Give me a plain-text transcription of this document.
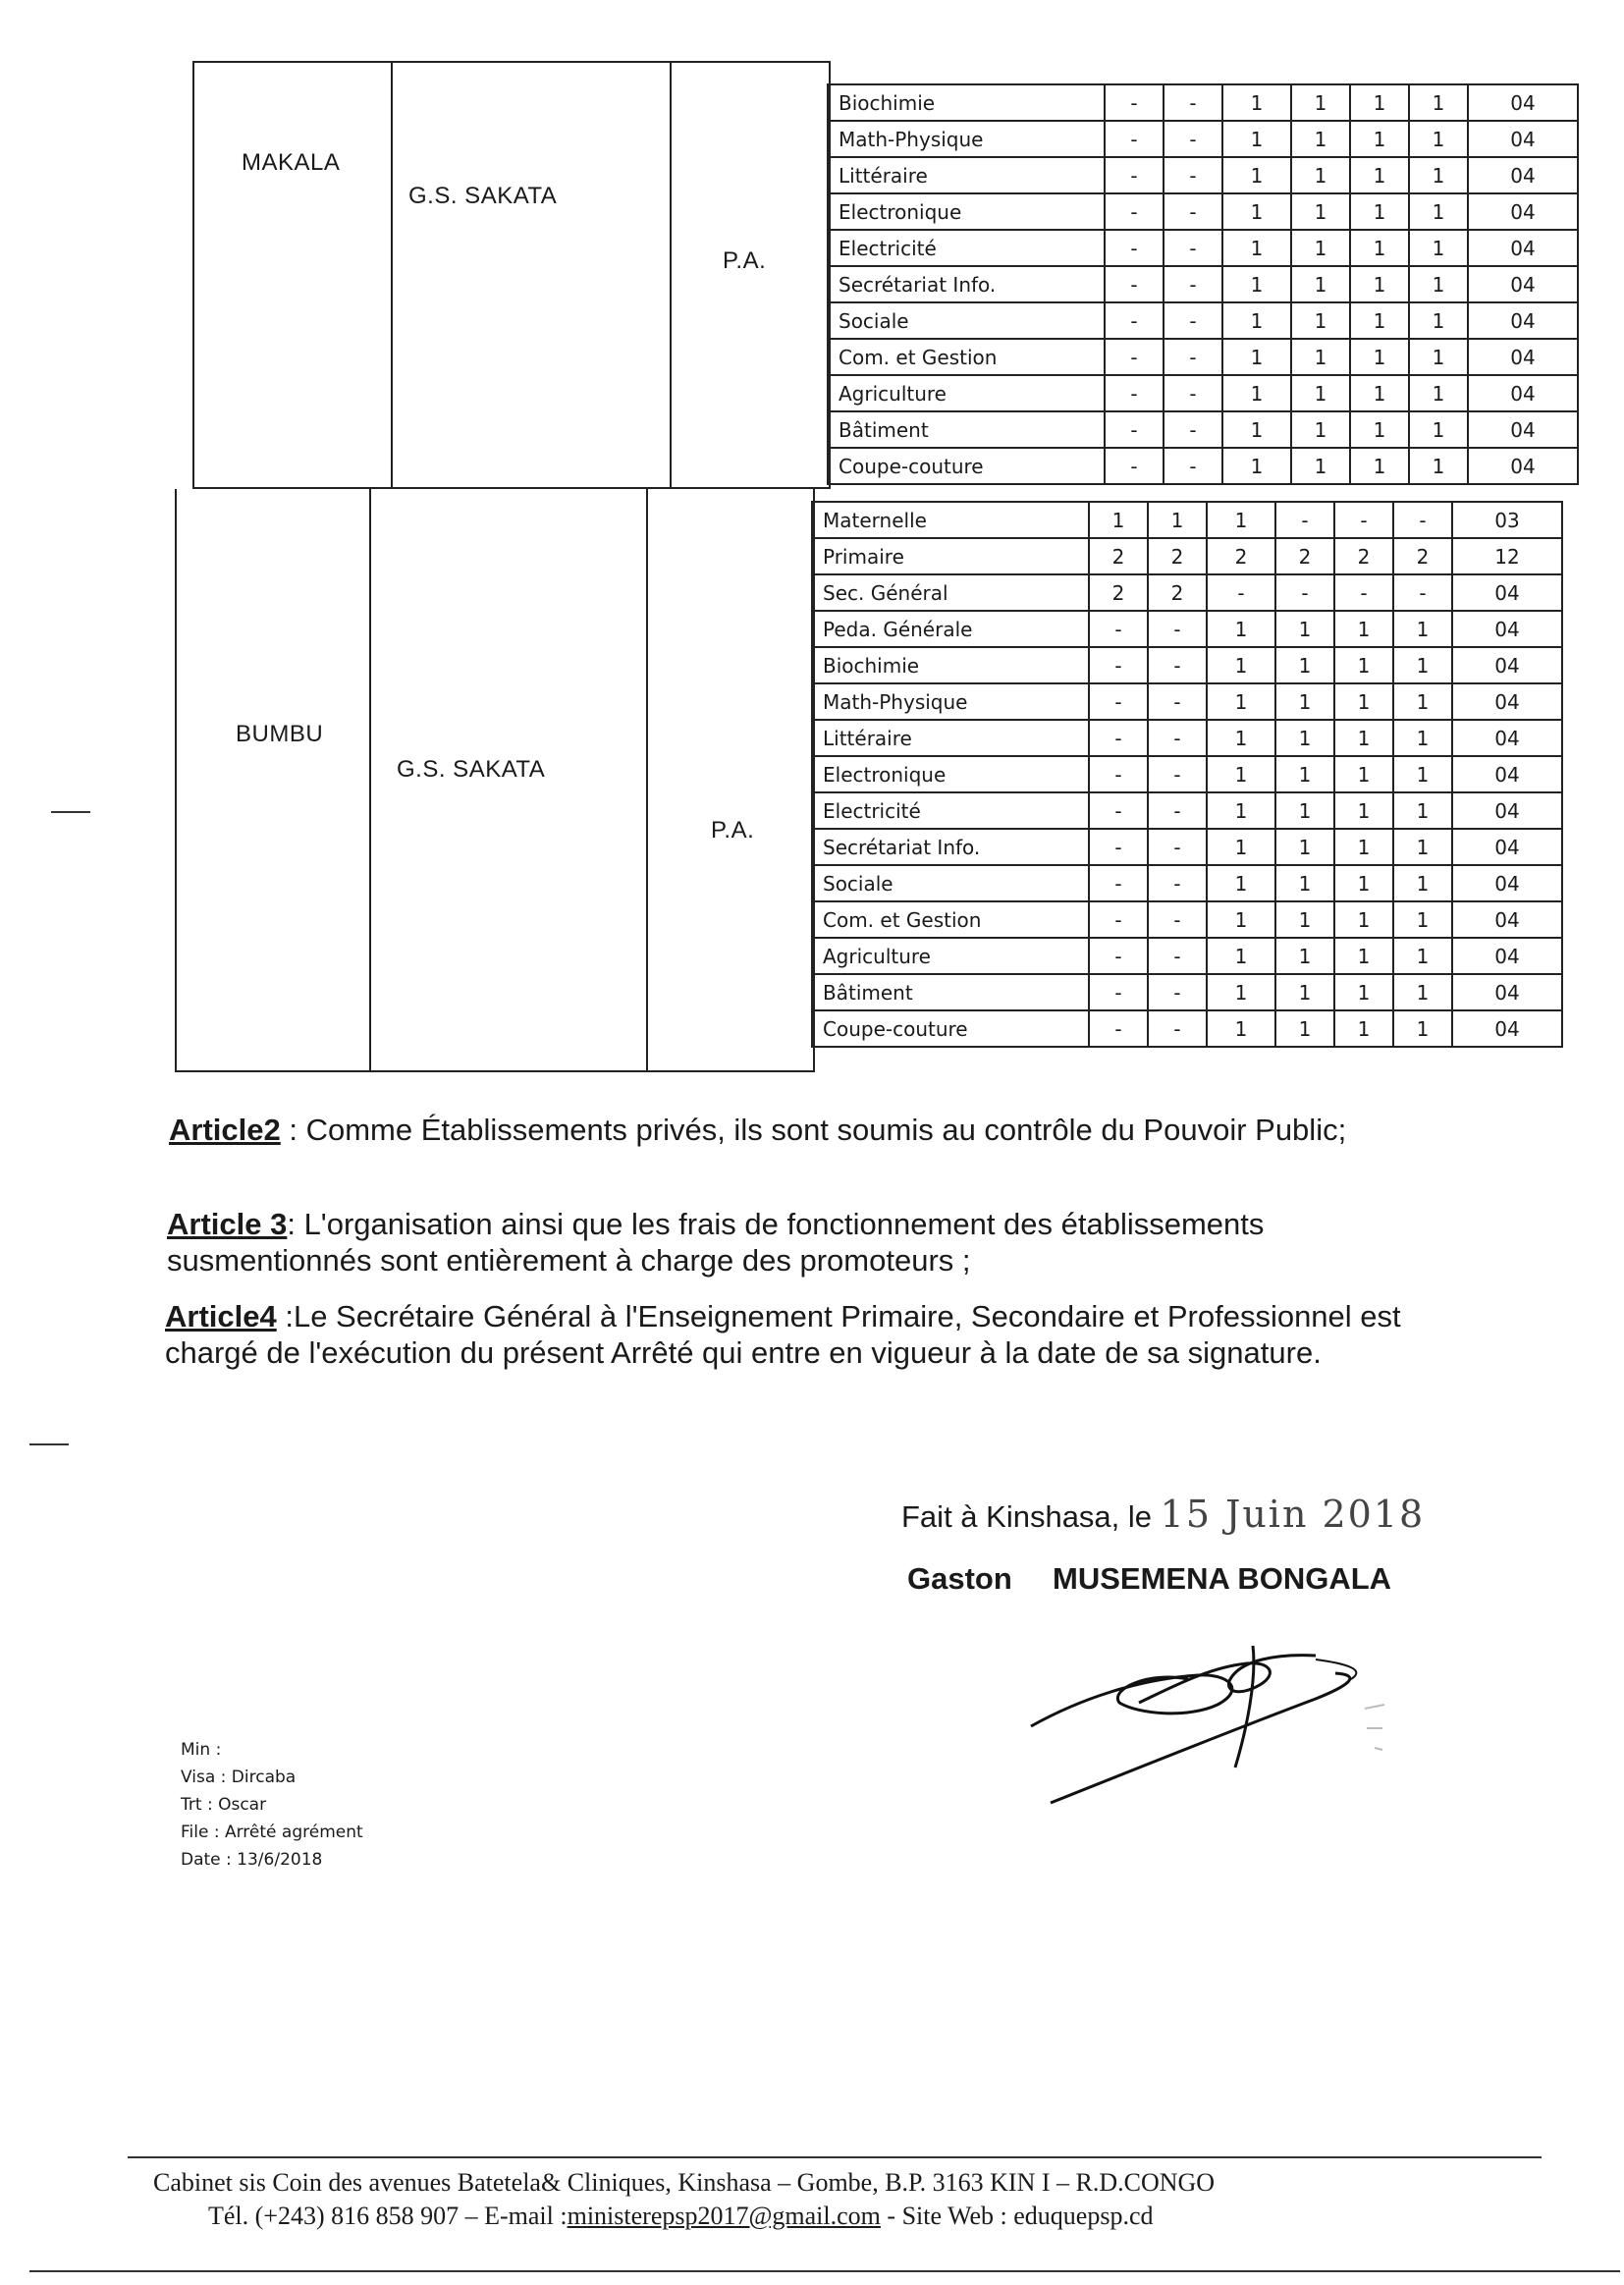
MAKALA
G.S. SAKATA
P.A.
Biochimie	-	-	1	1	1	1	04
Math-Physique	-	-	1	1	1	1	04
Littéraire	-	-	1	1	1	1	04
Electronique	-	-	1	1	1	1	04
Electricité	-	-	1	1	1	1	04
Secrétariat Info.	-	-	1	1	1	1	04
Sociale	-	-	1	1	1	1	04
Com. et Gestion	-	-	1	1	1	1	04
Agriculture	-	-	1	1	1	1	04
Bâtiment	-	-	1	1	1	1	04
Coupe-couture	-	-	1	1	1	1	04
BUMBU
G.S. SAKATA
P.A.
Maternelle	1	1	1	-	-	-	03
Primaire	2	2	2	2	2	2	12
Sec. Général	2	2	-	-	-	-	04
Peda. Générale	-	-	1	1	1	1	04
Biochimie	-	-	1	1	1	1	04
Math-Physique	-	-	1	1	1	1	04
Littéraire	-	-	1	1	1	1	04
Electronique	-	-	1	1	1	1	04
Electricité	-	-	1	1	1	1	04
Secrétariat Info.	-	-	1	1	1	1	04
Sociale	-	-	1	1	1	1	04
Com. et Gestion	-	-	1	1	1	1	04
Agriculture	-	-	1	1	1	1	04
Bâtiment	-	-	1	1	1	1	04
Coupe-couture	-	-	1	1	1	1	04
Article2 : Comme Établissements privés, ils sont soumis au contrôle du Pouvoir Public;
Article 3: L'organisation ainsi que les frais de fonctionnement des établissements susmentionnés sont entièrement à charge des promoteurs ;
Article4 :Le Secrétaire Général à l'Enseignement Primaire, Secondaire et Professionnel est chargé de l'exécution du présent Arrêté qui entre en vigueur à la date de sa signature.
Fait à Kinshasa, le 15 Juin 2018
Gaston MUSEMENA BONGALA
Min :
Visa : Dircaba
Trt : Oscar
File : Arrêté agrément
Date : 13/6/2018
Cabinet sis Coin des avenues Batetela& Cliniques, Kinshasa – Gombe, B.P. 3163 KIN I – R.D.CONGO
Tél. (+243) 816 858 907 – E-mail :ministerepsp2017@gmail.com - Site Web : eduquepsp.cd
